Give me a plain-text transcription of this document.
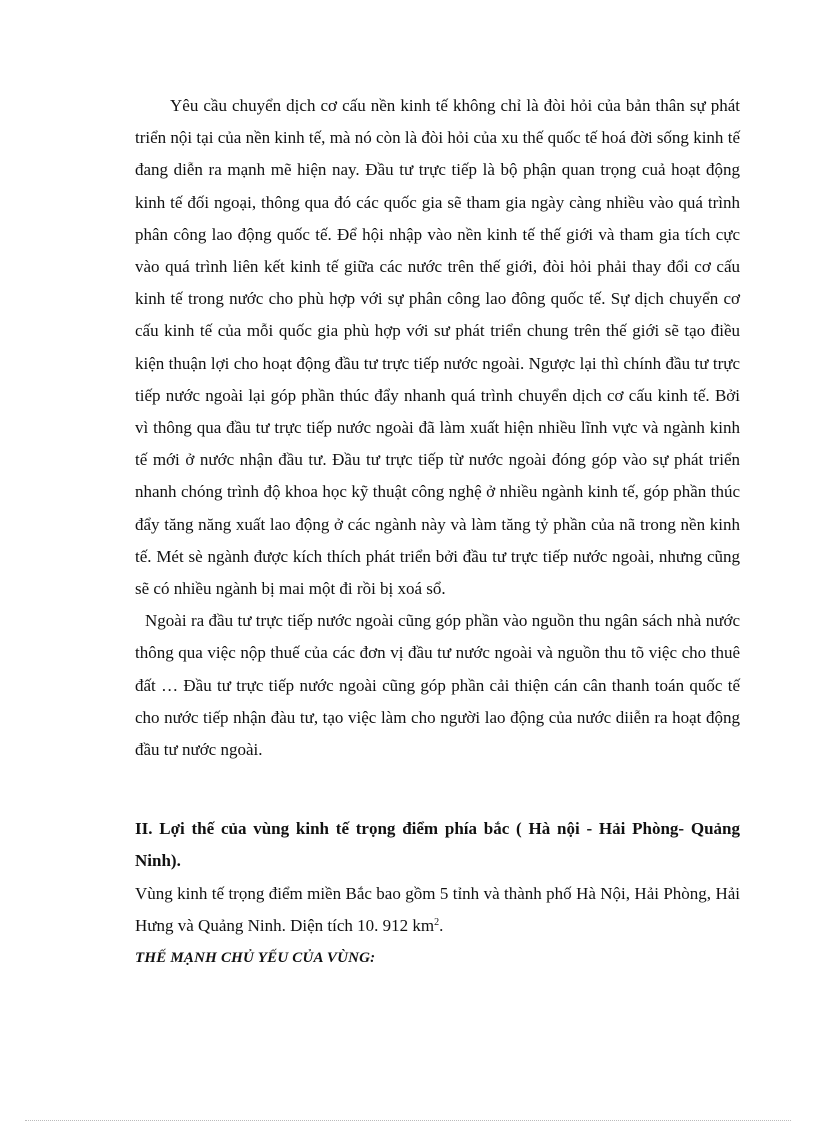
Yêu cầu chuyển dịch cơ cấu nền kinh tế không chỉ là đòi hỏi của bản thân sự phát triển nội tại của nền kinh tế, mà nó còn là đòi hỏi của xu thế quốc tế hoá đời sống kinh tế đang diễn ra mạnh mẽ hiện nay. Đầu tư trực tiếp là bộ phận quan trọng cuả hoạt động kinh tế đối ngoại, thông qua đó các quốc gia sẽ tham gia ngày càng nhiều vào quá trình phân công lao động quốc tế. Để hội nhập vào nền kinh tế thế giới và tham gia tích cực vào quá trình liên kết kinh tế giữa các nước trên thế giới, đòi hỏi phải thay đổi cơ cấu kinh tế trong nước cho phù hợp với sự phân công lao đông quốc tế. Sự dịch chuyển cơ cấu kinh tế của mỗi quốc gia phù hợp với sư phát triển chung trên thế giới sẽ tạo điều kiện thuận lợi cho hoạt động đầu tư trực tiếp nước ngoài. Ngược lại thì chính đầu tư trực tiếp nước ngoài lại góp phần thúc đẩy nhanh quá trình chuyển dịch cơ cấu kinh tế. Bởi vì thông qua đầu tư trực tiếp nước ngoài đã làm xuất hiện nhiều lĩnh vực và ngành kinh tế mới ở nước nhận đầu tư. Đầu tư trực tiếp từ nước ngoài đóng góp vào sự phát triển nhanh chóng trình độ khoa học kỹ thuật công nghệ ở nhiều ngành kinh tế, góp phần thúc đẩy tăng năng xuất lao động ở các ngành này và làm tăng tỷ phần của nã trong nền kinh tế. Mét sè ngành được kích thích phát triển bởi đầu tư trực tiếp nước ngoài, nhưng cũng sẽ có nhiều ngành bị mai một đi rồi bị xoá sổ.

Ngoài ra đầu tư trực tiếp nước ngoài cũng góp phần vào nguồn thu ngân sách nhà nước thông qua việc nộp thuế của các đơn vị đầu tư nước ngoài và nguồn thu tõ việc cho thuê đất … Đầu tư trực tiếp nước ngoài cũng góp phần cải thiện cán cân thanh toán quốc tế cho nước tiếp nhận đàu tư, tạo việc làm cho người lao động của nước diiễn ra hoạt động đầu tư nước ngoài.

II. Lợi thế của vùng kinh tế trọng điểm phía bắc ( Hà nội - Hải Phòng- Quảng Ninh).

Vùng kinh tế trọng điểm miền Bắc bao gồm 5 tỉnh và thành phố Hà Nội, Hải Phòng, Hải Hưng và Quảng Ninh. Diện tích 10. 912 $km^2$.

THẾ MẠNH CHỦ YẾU CỦA VÙNG:
